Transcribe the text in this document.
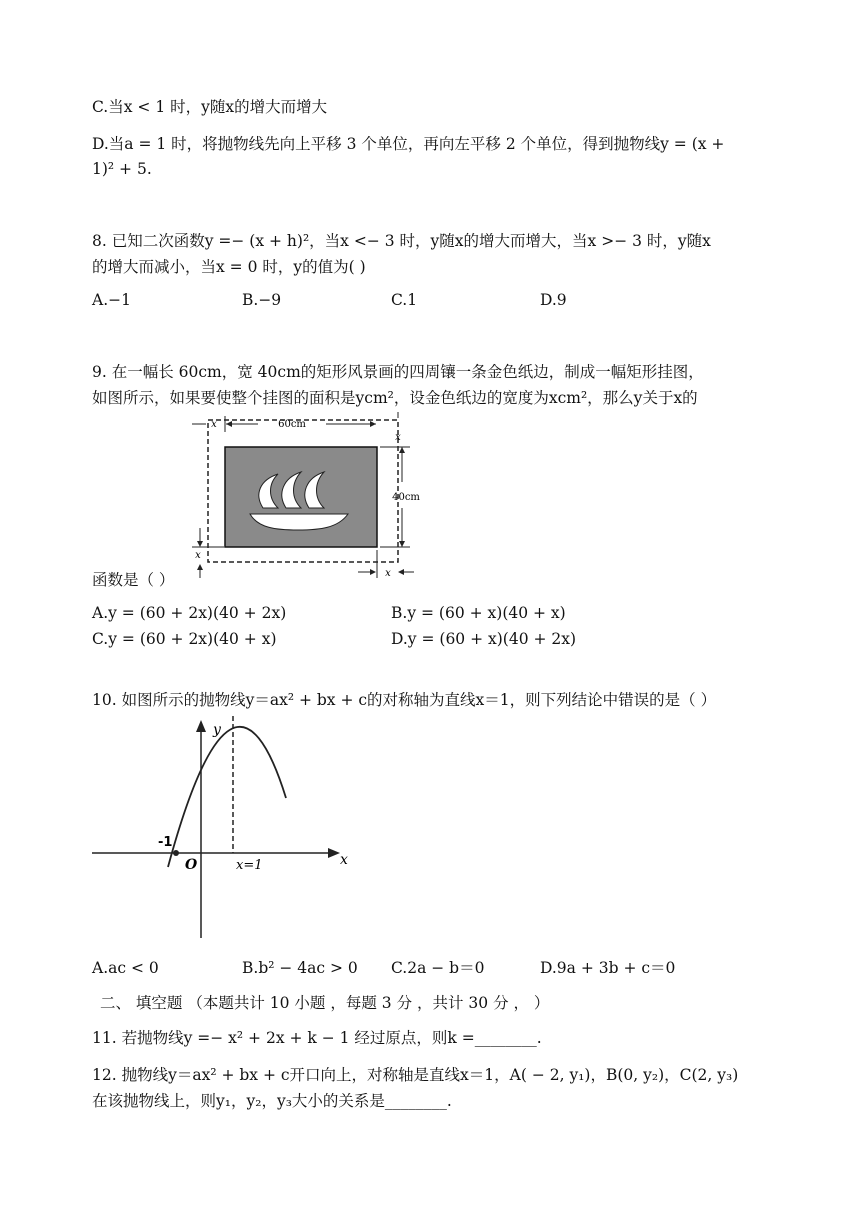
C.当x < 1 时，y随x的增大而增大
D.当a = 1 时，将抛物线先向上平移 3 个单位，再向左平移 2 个单位，得到抛物线y = (x +
1)² + 5.
8. 已知二次函数y =− (x + h)²，当x <− 3 时，y随x的增大而增大，当x >− 3 时，y随x
的增大而减小，当x = 0 时，y的值为( )
A.−1	B.−9	C.1	D.9
9. 在一幅长 60cm，宽 40cm的矩形风景画的四周镶一条金色纸边，制成一幅矩形挂图，
如图所示，如果要使整个挂图的面积是ycm²，设金色纸边的宽度为xcm²，那么y关于x的
60cm
x
40cm
x
x
x
函数是（ ）
A.y = (60 + 2x)(40 + 2x)	B.y = (60 + x)(40 + x)
C.y = (60 + 2x)(40 + x)	D.y = (60 + x)(40 + 2x)
10. 如图所示的抛物线y＝ax² + bx + c的对称轴为直线x＝1，则下列结论中错误的是（ ）
y
x
-1
O	x=1
A.ac < 0	B.b² − 4ac > 0 C.2a − b＝0	D.9a + 3b + c＝0
二、 填空题 （本题共计 10 小题 ，每题 3 分 ，共计 30 分 ， ）
11. 若抛物线y =− x² + 2x + k − 1 经过原点，则k =________.
12. 抛物线y＝ax² + bx + c开口向上，对称轴是直线x＝1，A( − 2, y₁)，B(0, y₂)，C(2, y₃)
在该抛物线上，则y₁，y₂，y₃大小的关系是________.
